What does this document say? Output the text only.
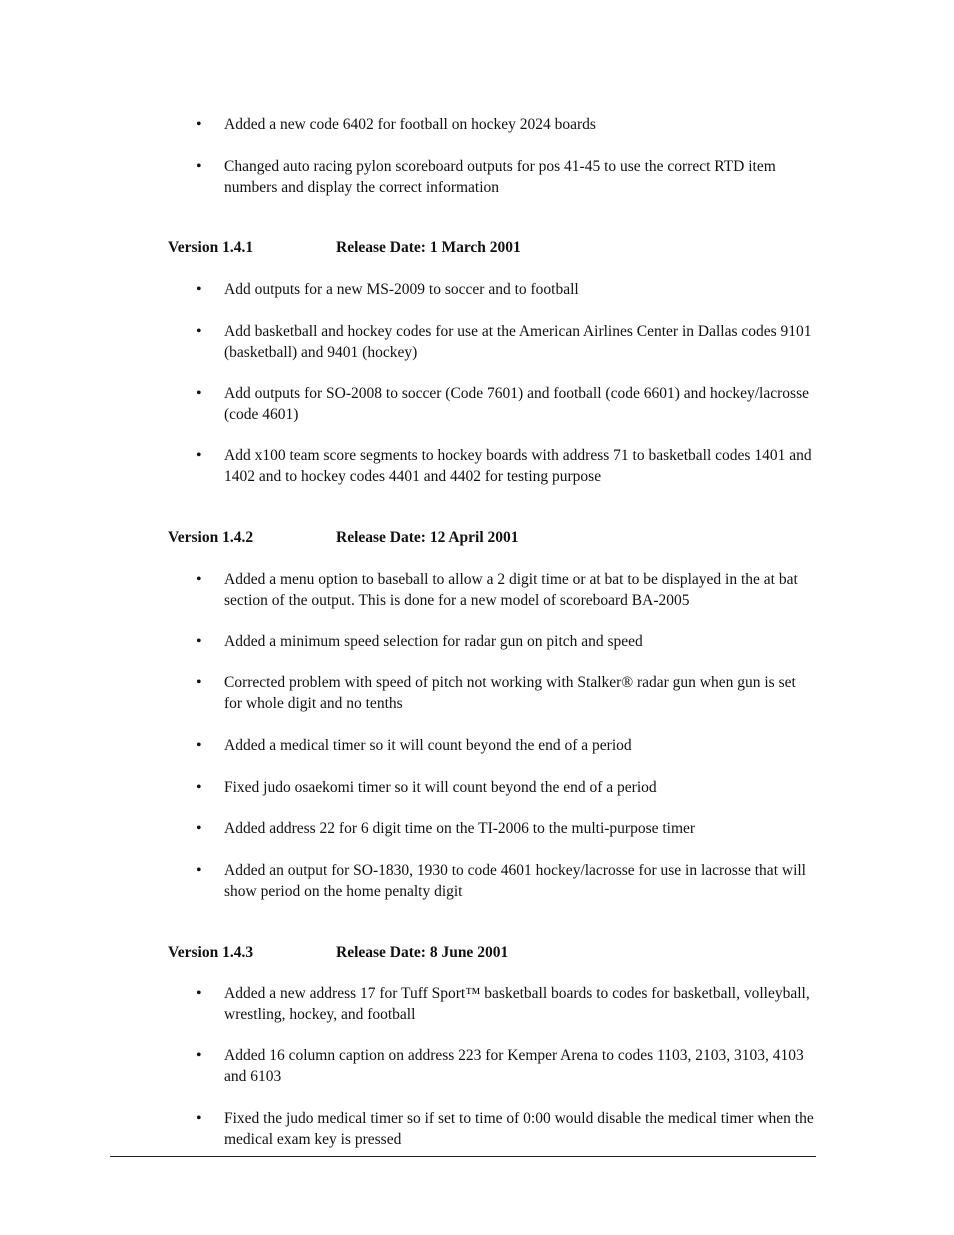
•	Added a new code 6402 for football on hockey 2024 boards
•	Changed auto racing pylon scoreboard outputs for pos 41-45 to use the correct RTD item numbers and display the correct information
Version 1.4.1	Release Date: 1 March 2001
•	Add outputs for a new MS-2009 to soccer and to football
•	Add basketball and hockey codes for use at the American Airlines Center in Dallas codes 9101 (basketball) and 9401 (hockey)
•	Add outputs for SO-2008 to soccer (Code 7601) and football (code 6601) and hockey/lacrosse (code 4601)
•	Add x100 team score segments to hockey boards with address 71 to basketball codes 1401 and 1402 and to hockey codes 4401 and 4402 for testing purpose
Version 1.4.2	Release Date: 12 April 2001
•	Added a menu option to baseball to allow a 2 digit time or at bat to be displayed in the at bat section of the output. This is done for a new model of scoreboard BA-2005
•	Added a minimum speed selection for radar gun on pitch and speed
•	Corrected problem with speed of pitch not working with Stalker® radar gun when gun is set for whole digit and no tenths
•	Added a medical timer so it will count beyond the end of a period
•	Fixed judo osaekomi timer so it will count beyond the end of a period
•	Added address 22 for 6 digit time on the TI-2006 to the multi-purpose timer
•	Added an output for SO-1830, 1930 to code 4601 hockey/lacrosse for use in lacrosse that will show period on the home penalty digit
Version 1.4.3	Release Date: 8 June 2001
•	Added a new address 17 for Tuff Sport™ basketball boards to codes for basketball, volleyball, wrestling, hockey, and football
•	Added 16 column caption on address 223 for Kemper Arena to codes 1103, 2103, 3103, 4103 and 6103
•	Fixed the judo medical timer so if set to time of 0:00 would disable the medical timer when the medical exam key is pressed
